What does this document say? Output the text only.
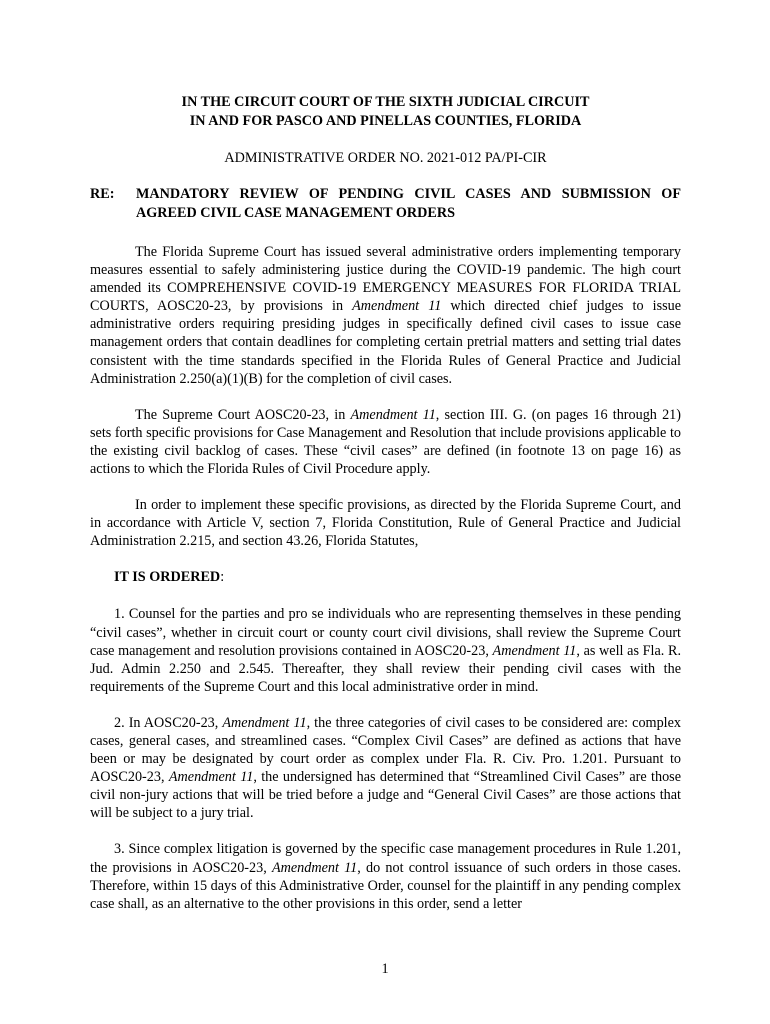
IN THE CIRCUIT COURT OF THE SIXTH JUDICIAL CIRCUIT
IN AND FOR PASCO AND PINELLAS COUNTIES, FLORIDA
ADMINISTRATIVE ORDER NO. 2021-012 PA/PI-CIR
RE:	MANDATORY REVIEW OF PENDING CIVIL CASES AND SUBMISSION OF AGREED CIVIL CASE MANAGEMENT ORDERS

The Florida Supreme Court has issued several administrative orders implementing temporary measures essential to safely administering justice during the COVID-19 pandemic. The high court amended its COMPREHENSIVE COVID-19 EMERGENCY MEASURES FOR FLORIDA TRIAL COURTS, AOSC20-23, by provisions in Amendment 11 which directed chief judges to issue administrative orders requiring presiding judges in specifically defined civil cases to issue case management orders that contain deadlines for completing certain pretrial matters and setting trial dates consistent with the time standards specified in the Florida Rules of General Practice and Judicial Administration 2.250(a)(1)(B) for the completion of civil cases.

The Supreme Court AOSC20-23, in Amendment 11, section III. G. (on pages 16 through 21) sets forth specific provisions for Case Management and Resolution that include provisions applicable to the existing civil backlog of cases. These “civil cases” are defined (in footnote 13 on page 16) as actions to which the Florida Rules of Civil Procedure apply.

In order to implement these specific provisions, as directed by the Florida Supreme Court, and in accordance with Article V, section 7, Florida Constitution, Rule of General Practice and Judicial Administration 2.215, and section 43.26, Florida Statutes,

IT IS ORDERED:

1. Counsel for the parties and pro se individuals who are representing themselves in these pending “civil cases”, whether in circuit court or county court civil divisions, shall review the Supreme Court case management and resolution provisions contained in AOSC20-23, Amendment 11, as well as Fla. R. Jud. Admin 2.250 and 2.545. Thereafter, they shall review their pending civil cases with the requirements of the Supreme Court and this local administrative order in mind.

2. In AOSC20-23, Amendment 11, the three categories of civil cases to be considered are: complex cases, general cases, and streamlined cases. “Complex Civil Cases” are defined as actions that have been or may be designated by court order as complex under Fla. R. Civ. Pro. 1.201. Pursuant to AOSC20-23, Amendment 11, the undersigned has determined that “Streamlined Civil Cases” are those civil non-jury actions that will be tried before a judge and “General Civil Cases” are those actions that will be subject to a jury trial.

3. Since complex litigation is governed by the specific case management procedures in Rule 1.201, the provisions in AOSC20-23, Amendment 11, do not control issuance of such orders in those cases. Therefore, within 15 days of this Administrative Order, counsel for the plaintiff in any pending complex case shall, as an alternative to the other provisions in this order, send a letter

1
